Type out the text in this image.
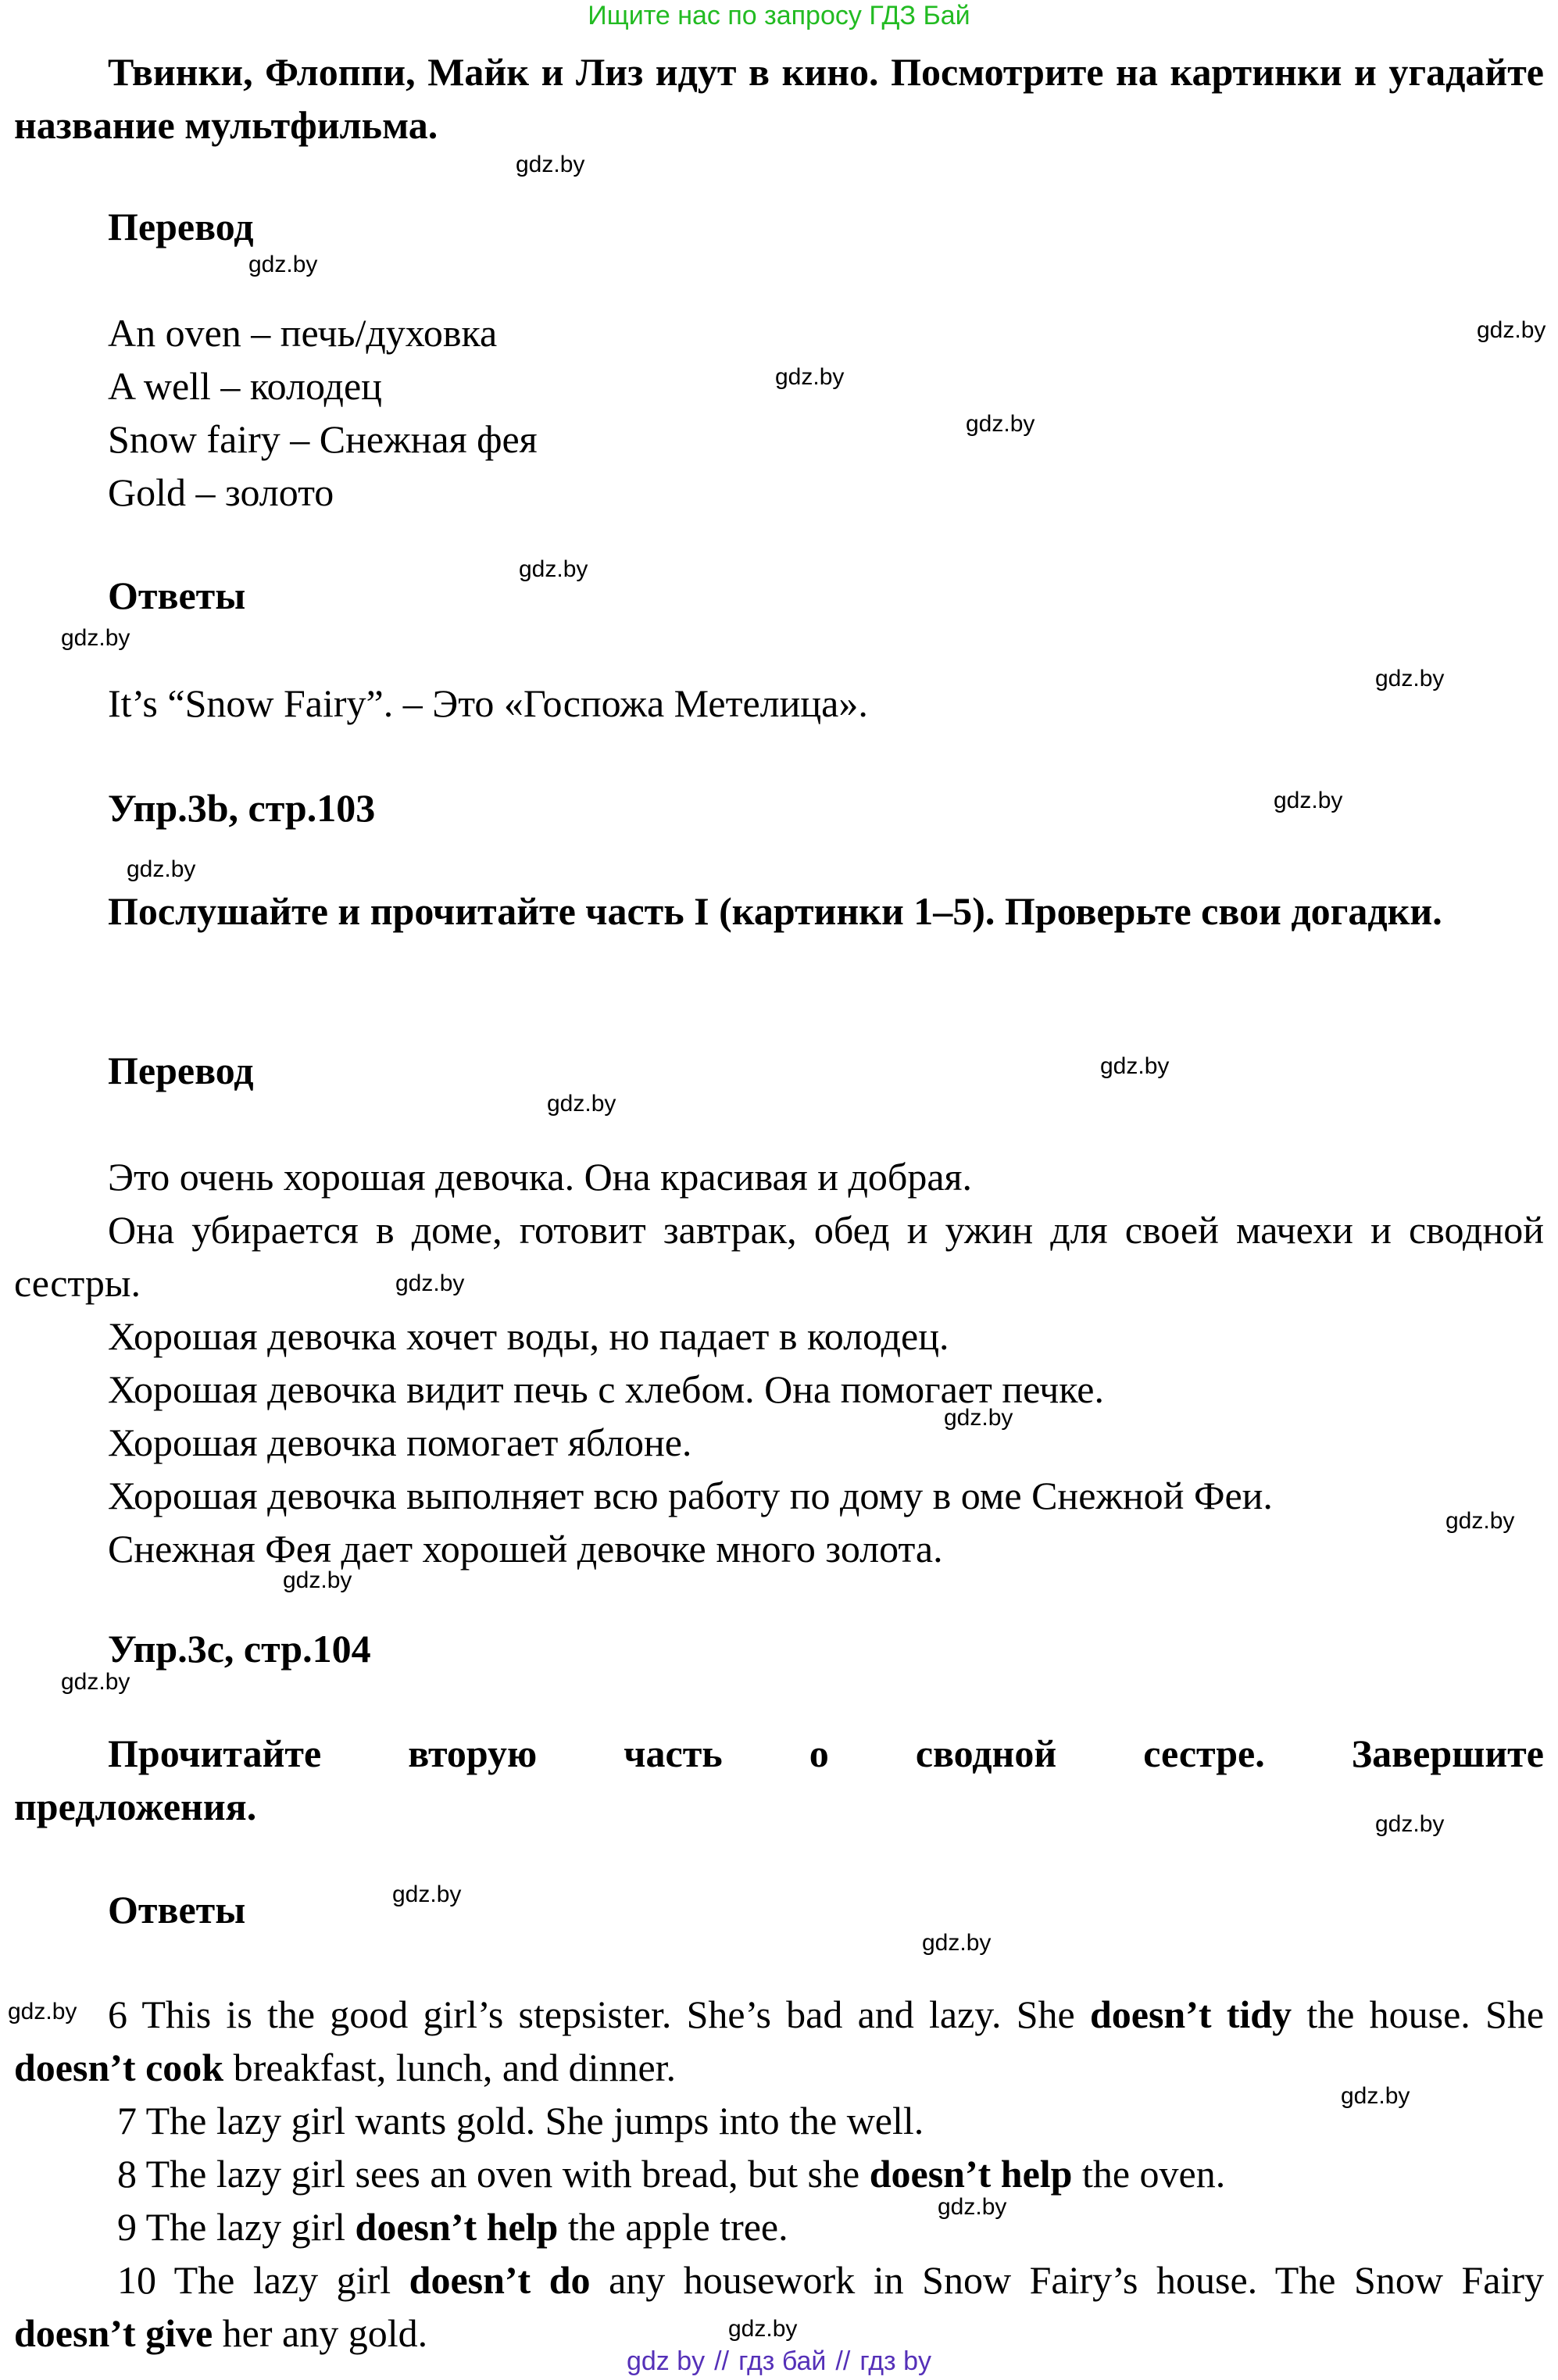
Ищите нас по запросу ГДЗ Бай
Твинки, Флоппи, Майк и Лиз идут в кино. Посмотрите на картинки и угадайте название мультфильма.
Перевод
An oven – печь/духовка
A well – колодец
Snow fairy – Снежная фея
Gold – золото
Ответы
It’s “Snow Fairy”. – Это «Госпожа Метелица».
Упр.3b, стр.103
Послушайте и прочитайте часть I (картинки 1–5). Проверьте свои догадки.
Перевод
Это очень хорошая девочка. Она красивая и добрая.
Она убирается в доме, готовит завтрак, обед и ужин для своей мачехи и сводной сестры.
Хорошая девочка хочет воды, но падает в колодец.
Хорошая девочка видит печь с хлебом. Она помогает печке.
Хорошая девочка помогает яблоне.
Хорошая девочка выполняет всю работу по дому в оме Снежной Феи.
Снежная Фея дает хорошей девочке много золота.
Упр.3с, стр.104
Прочитайте вторую часть о сводной сестре. Завершите
предложения.
Ответы
6 This is the good girl’s stepsister. She’s bad and lazy. She doesn’t tidy the house. She doesn’t cook breakfast, lunch, and dinner.
7 The lazy girl wants gold. She jumps into the well.
8 The lazy girl sees an oven with bread, but she doesn’t help the oven.
9 The lazy girl doesn’t help the apple tree.
10 The lazy girl doesn’t do any housework in Snow Fairy’s house. The Snow Fairy doesn’t give her any gold.
gdz.by
gdz.by
gdz.by
gdz.by
gdz.by
gdz.by
gdz.by
gdz.by
gdz.by
gdz.by
gdz.by
gdz.by
gdz.by
gdz.by
gdz.by
gdz.by
gdz.by
gdz.by
gdz.by
gdz.by
gdz.by
gdz.by
gdz.by
gdz.by
gdz by // гдз бай // гдз by
